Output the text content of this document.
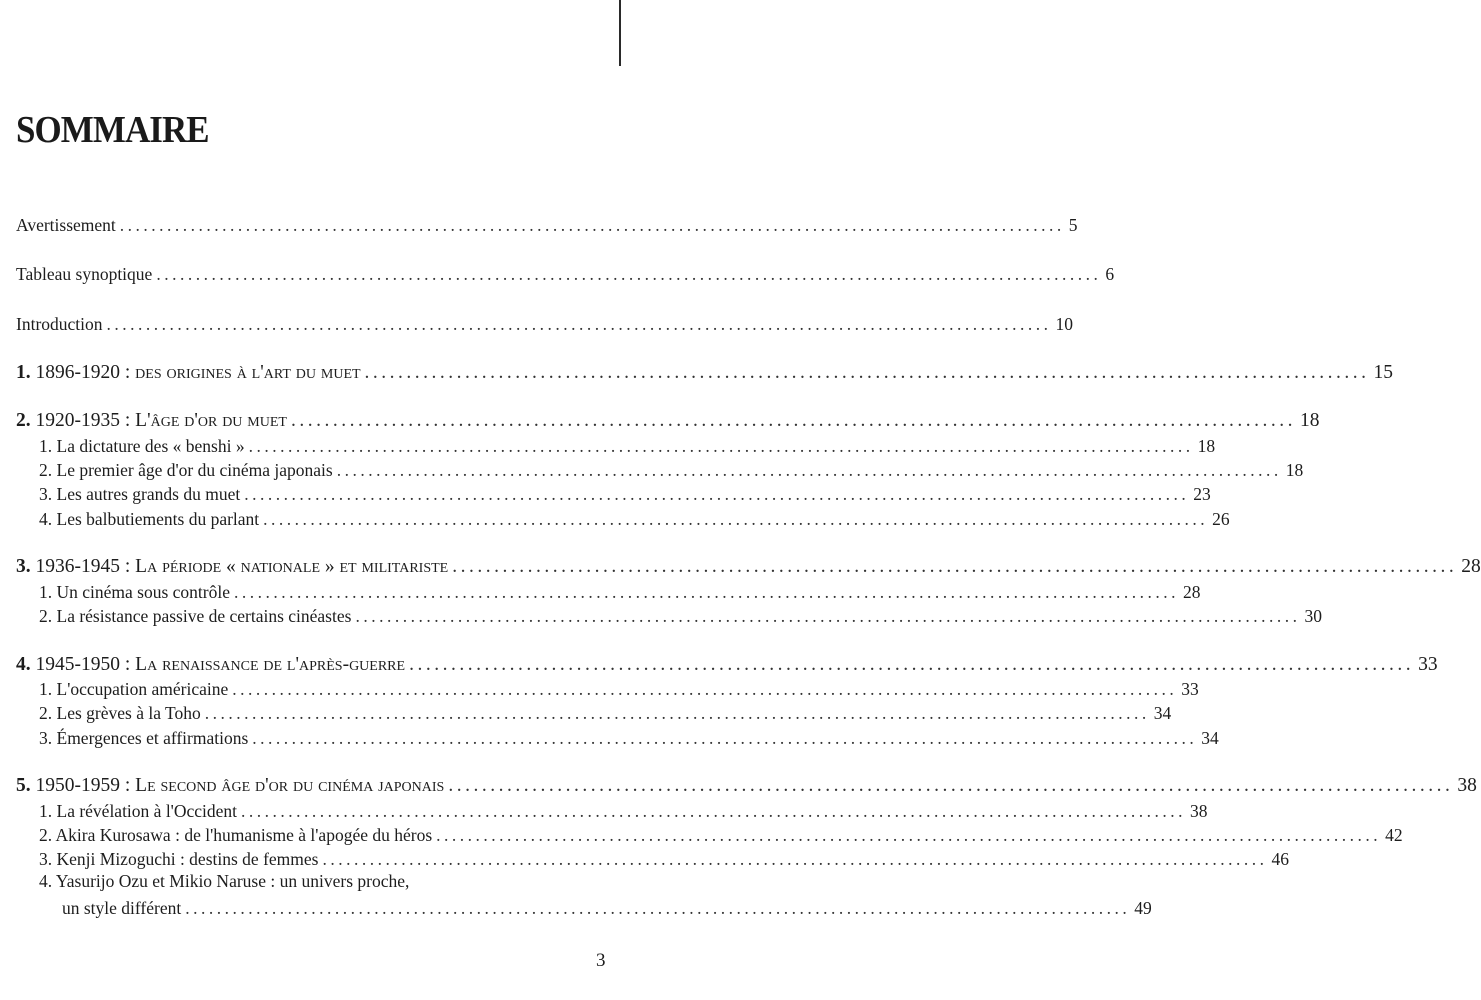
SOMMAIRE
Avertissement ........................................................................................................................ 5
Tableau synoptique ........................................................................................................................ 6
Introduction ........................................................................................................................ 10
1. 1896-1920 : des origines à l'art du muet ........................................................................................................................ 15
2. 1920-1935 : L'âge d'or du muet ........................................................................................................................ 18
1. La dictature des « benshi » ........................................................................................................................ 18
2. Le premier âge d'or du cinéma japonais ........................................................................................................................ 18
3. Les autres grands du muet ........................................................................................................................ 23
4. Les balbutiements du parlant ........................................................................................................................ 26
3. 1936-1945 : La période « nationale » et militariste ........................................................................................................................ 28
1. Un cinéma sous contrôle ........................................................................................................................ 28
2. La résistance passive de certains cinéastes ........................................................................................................................ 30
4. 1945-1950 : La renaissance de l'après-guerre ........................................................................................................................ 33
1. L'occupation américaine ........................................................................................................................ 33
2. Les grèves à la Toho ........................................................................................................................ 34
3. Émergences et affirmations ........................................................................................................................ 34
5. 1950-1959 : Le second âge d'or du cinéma japonais ........................................................................................................................ 38
1. La révélation à l'Occident ........................................................................................................................ 38
2. Akira Kurosawa : de l'humanisme à l'apogée du héros ........................................................................................................................ 42
3. Kenji Mizoguchi : destins de femmes ........................................................................................................................ 46
4. Yasurijo Ozu et Mikio Naruse : un univers proche,
un style différent ........................................................................................................................ 49
3
